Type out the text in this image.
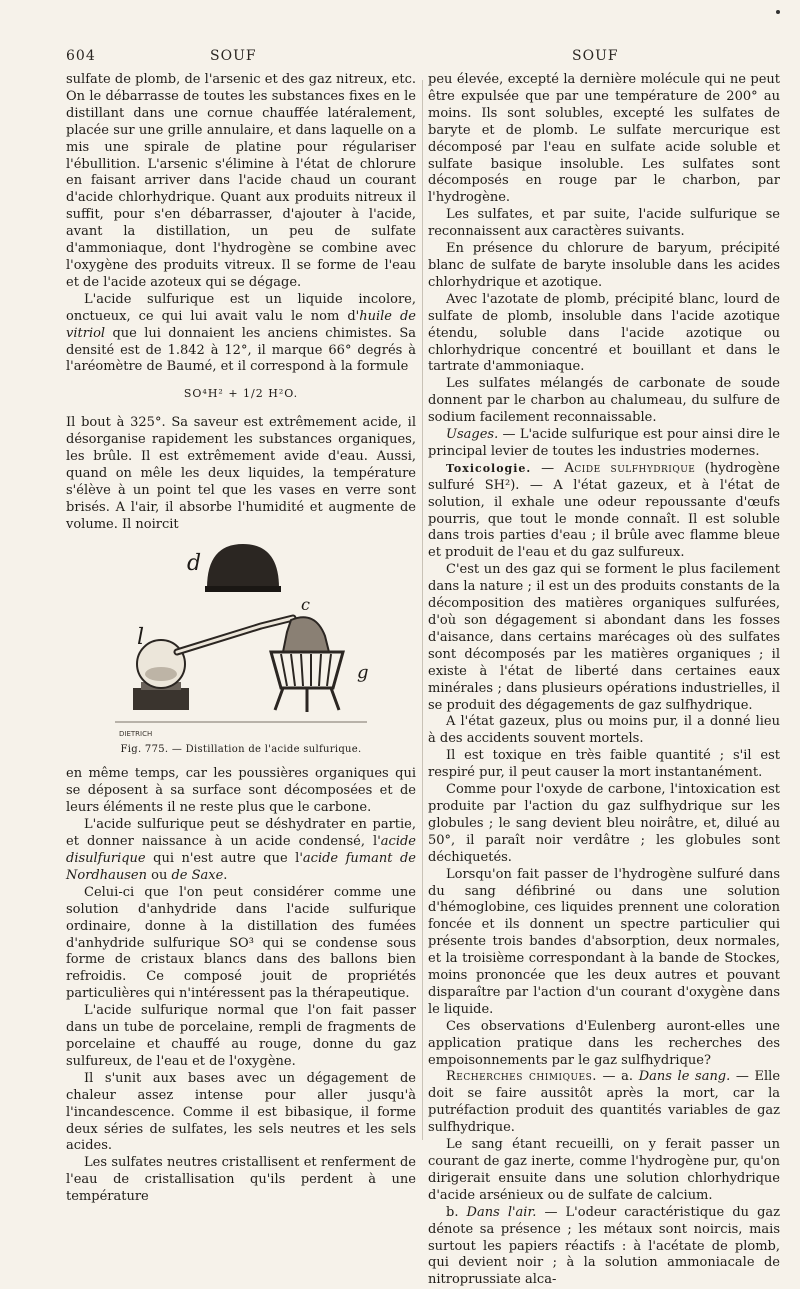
604	SOUF	SOUF

sulfate de plomb, de l'arsenic et des gaz nitreux, etc. On le débarrasse de toutes les substances fixes en le distillant dans une cornue chauffée latéralement, placée sur une grille annulaire, et dans laquelle on a mis une spirale de platine pour régulariser l'ébullition. L'arsenic s'élimine à l'état de chlorure en faisant arriver dans l'acide chaud un courant d'acide chlorhydrique. Quant aux produits nitreux il suffit, pour s'en débarrasser, d'ajouter à l'acide, avant la distillation, un peu de sulfate d'ammoniaque, dont l'hydrogène se combine avec l'oxygène des produits vitreux. Il se forme de l'eau et de l'acide azoteux qui se dégage.

L'acide sulfurique est un liquide incolore, onctueux, ce qui lui avait valu le nom d'huile de vitriol que lui donnaient les anciens chimistes. Sa densité est de 1.842 à 12°, il marque 66° degrés à l'aréomètre de Baumé, et il correspond à la formule

SO⁴H² + 1/2 H²O.

Il bout à 325°. Sa saveur est extrêmement acide, il désorganise rapidement les substances organiques, les brûle. Il est extrêmement avide d'eau. Aussi, quand on mêle les deux liquides, la température s'élève à un point tel que les vases en verre sont brisés. A l'air, il absorbe l'humidité et augmente de volume. Il noircit

d
l
c
g
DIETRICH
Fig. 775. — Distillation de l'acide sulfurique.

en même temps, car les poussières organiques qui se déposent à sa surface sont décomposées et de leurs éléments il ne reste plus que le carbone.

L'acide sulfurique peut se déshydrater en partie, et donner naissance à un acide condensé, l'acide disulfurique qui n'est autre que l'acide fumant de Nordhausen ou de Saxe.

Celui-ci que l'on peut considérer comme une solution d'anhydride dans l'acide sulfurique ordinaire, donne à la distillation des fumées d'anhydride sulfurique SO³ qui se condense sous forme de cristaux blancs dans des ballons bien refroidis. Ce composé jouit de propriétés particulières qui n'intéressent pas la thérapeutique.

L'acide sulfurique normal que l'on fait passer dans un tube de porcelaine, rempli de fragments de porcelaine et chauffé au rouge, donne du gaz sulfureux, de l'eau et de l'oxygène.

Il s'unit aux bases avec un dégagement de chaleur assez intense pour aller jusqu'à l'incandescence. Comme il est bibasique, il forme deux séries de sulfates, les sels neutres et les sels acides.

Les sulfates neutres cristallisent et renferment de l'eau de cristallisation qu'ils perdent à une température

peu élevée, excepté la dernière molécule qui ne peut être expulsée que par une température de 200° au moins. Ils sont solubles, excepté les sulfates de baryte et de plomb. Le sulfate mercurique est décomposé par l'eau en sulfate acide soluble et sulfate basique insoluble. Les sulfates sont décomposés en rouge par le charbon, par l'hydrogène.

Les sulfates, et par suite, l'acide sulfurique se reconnaissent aux caractères suivants.

En présence du chlorure de baryum, précipité blanc de sulfate de baryte insoluble dans les acides chlorhydrique et azotique.

Avec l'azotate de plomb, précipité blanc, lourd de sulfate de plomb, insoluble dans l'acide azotique étendu, soluble dans l'acide azotique ou chlorhydrique concentré et bouillant et dans le tartrate d'ammoniaque.

Les sulfates mélangés de carbonate de soude donnent par le charbon au chalumeau, du sulfure de sodium facilement reconnaissable.

Usages. — L'acide sulfurique est pour ainsi dire le principal levier de toutes les industries modernes.

Toxicologie. — Acide sulfhydrique (hydrogène sulfuré SH²). — A l'état gazeux, et à l'état de solution, il exhale une odeur repoussante d'œufs pourris, que tout le monde connaît. Il est soluble dans trois parties d'eau ; il brûle avec flamme bleue et produit de l'eau et du gaz sulfureux.

C'est un des gaz qui se forment le plus facilement dans la nature ; il est un des produits constants de la décomposition des matières organiques sulfurées, d'où son dégagement si abondant dans les fosses d'aisance, dans certains marécages où des sulfates sont décomposés par les matières organiques ; il existe à l'état de liberté dans certaines eaux minérales ; dans plusieurs opérations industrielles, il se produit des dégagements de gaz sulfhydrique.

A l'état gazeux, plus ou moins pur, il a donné lieu à des accidents souvent mortels.

Il est toxique en très faible quantité ; s'il est respiré pur, il peut causer la mort instantanément.

Comme pour l'oxyde de carbone, l'intoxication est produite par l'action du gaz sulfhydrique sur les globules ; le sang devient bleu noirâtre, et, dilué au 50°, il paraît noir verdâtre ; les globules sont déchiquetés.

Lorsqu'on fait passer de l'hydrogène sulfuré dans du sang défibriné ou dans une solution d'hémoglobine, ces liquides prennent une coloration foncée et ils donnent un spectre particulier qui présente trois bandes d'absorption, deux normales, et la troisième correspondant à la bande de Stockes, moins prononcée que les deux autres et pouvant disparaître par l'action d'un courant d'oxygène dans le liquide.

Ces observations d'Eulenberg auront-elles une application pratique dans les recherches des empoisonnements par le gaz sulfhydrique?

Recherches chimiques. — a. Dans le sang. — Elle doit se faire aussitôt après la mort, car la putréfaction produit des quantités variables de gaz sulfhydrique.

Le sang étant recueilli, on y ferait passer un courant de gaz inerte, comme l'hydrogène pur, qu'on dirigerait ensuite dans une solution chlorhydrique d'acide arsénieux ou de sulfate de calcium.

b. Dans l'air. — L'odeur caractéristique du gaz dénote sa présence ; les métaux sont noircis, mais surtout les papiers réactifs : à l'acétate de plomb, qui devient noir ; à la solution ammoniacale de nitroprussiate alca-
